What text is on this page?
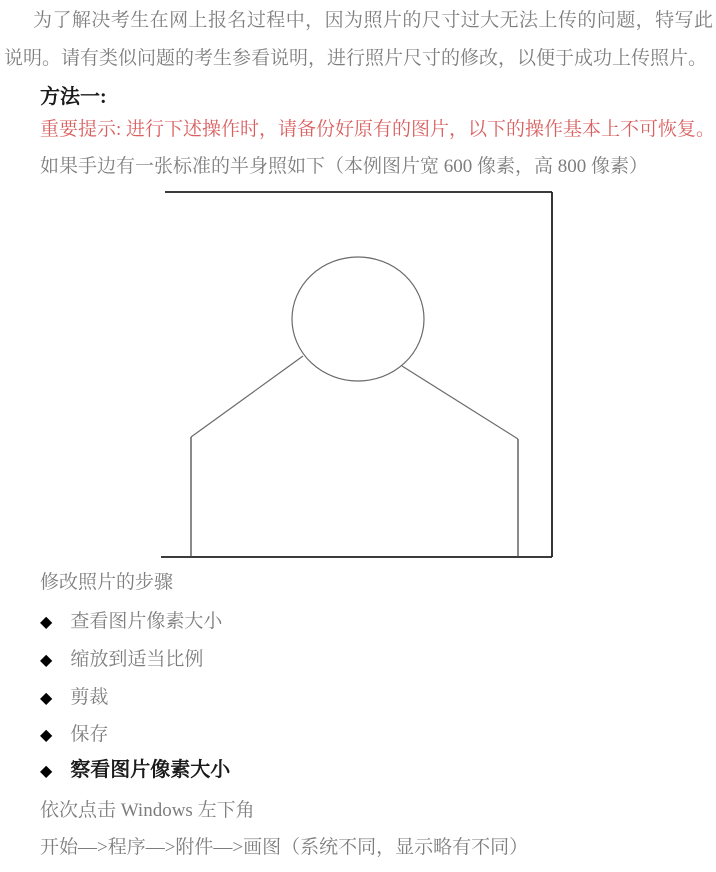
为了解决考生在网上报名过程中，因为照片的尺寸过大无法上传的问题，特写此
说明。请有类似问题的考生参看说明，进行照片尺寸的修改，以便于成功上传照片。
方法一:
重要提示: 进行下述操作时，请备份好原有的图片，以下的操作基本上不可恢复。
如果手边有一张标准的半身照如下（本例图片宽 600 像素，高 800 像素）
修改照片的步骤
◆ 查看图片像素大小
◆ 缩放到适当比例
◆ 剪裁
◆ 保存
◆ 察看图片像素大小
依次点击 Windows 左下角
开始—>程序—>附件—>画图（系统不同，显示略有不同）
